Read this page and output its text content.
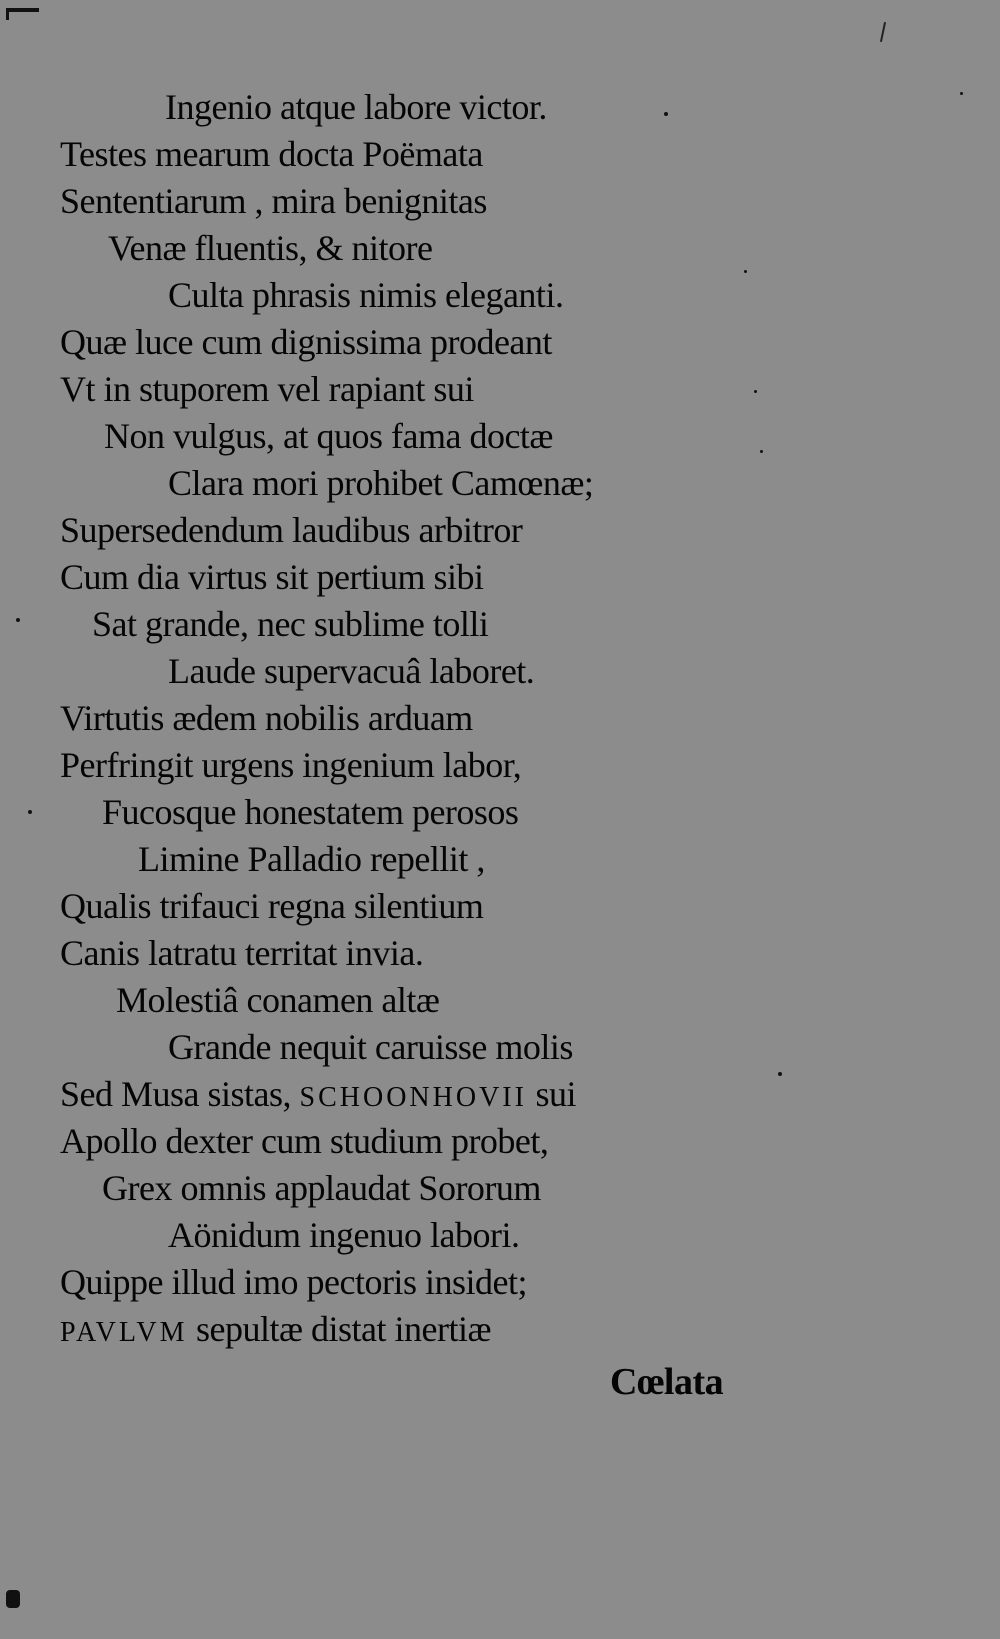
Ingenio atque labore victor.
Testes mearum docta Poëmata
Sententiarum , mira benignitas
Venæ fluentis, & nitore
Culta phrasis nimis eleganti.
Quæ luce cum dignissima prodeant
Vt in stuporem vel rapiant sui
Non vulgus, at quos fama doctæ
Clara mori prohibet Camœnæ;
Supersedendum laudibus arbitror
Cum dia virtus sit pertium sibi
Sat grande, nec sublime tolli
Laude supervacuâ laboret.
Virtutis ædem nobilis arduam
Perfringit urgens ingenium labor,
Fucosque honestatem perosos
Limine Palladio repellit ,
Qualis trifauci regna silentium
Canis latratu territat invia.
Molestiâ conamen altæ
Grande nequit caruisse molis
Sed Musa sistas, SCHOONHOVII sui
Apollo dexter cum studium probet,
Grex omnis applaudat Sororum
Aönidum ingenuo labori.
Quippe illud imo pectoris insidet;
PAVLVM sepultæ distat inertiæ
Cœlata
